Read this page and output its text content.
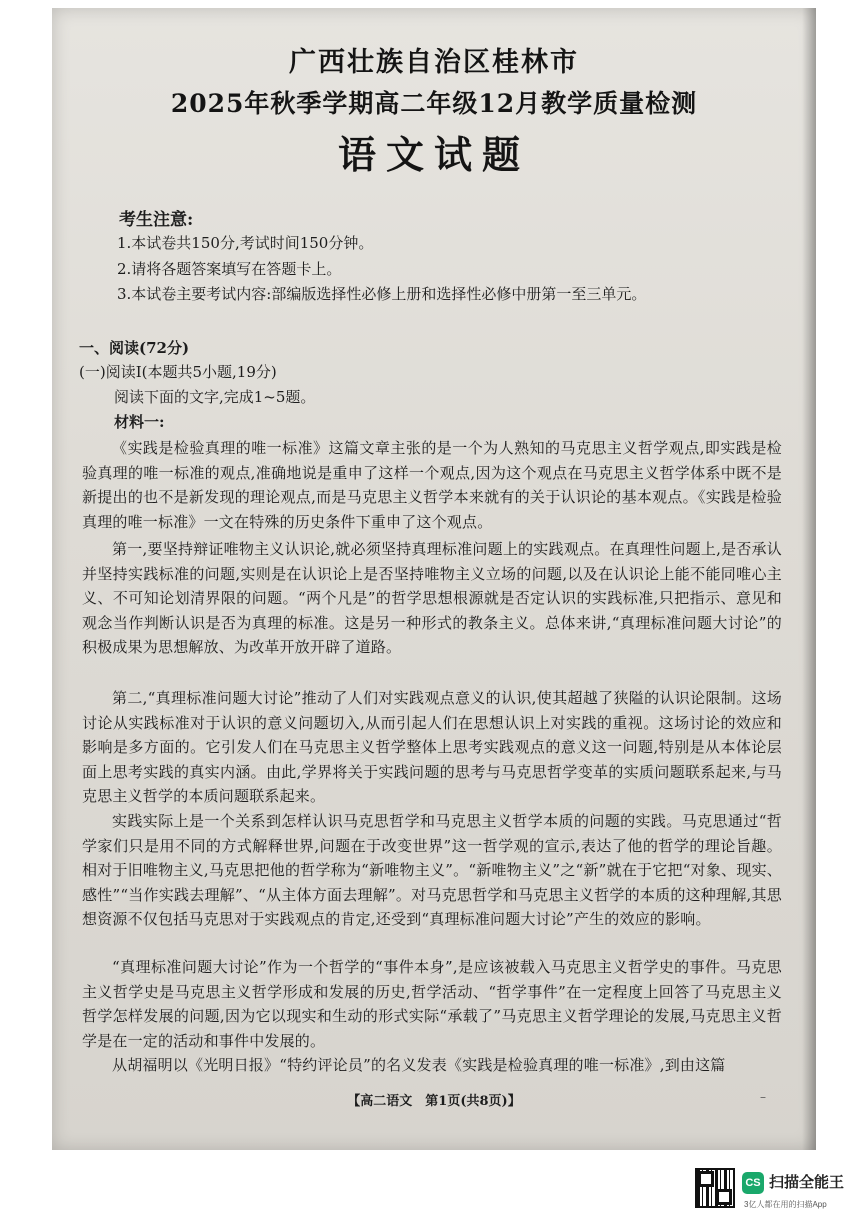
广西壮族自治区桂林市
2025年秋季学期高二年级12月教学质量检测
语文试题
考生注意:
1.本试卷共150分,考试时间150分钟。
2.请将各题答案填写在答题卡上。
3.本试卷主要考试内容:部编版选择性必修上册和选择性必修中册第一至三单元。
一、阅读(72分)
(一)阅读Ⅰ(本题共5小题,19分)
阅读下面的文字,完成1~5题。
材料一:

《实践是检验真理的唯一标准》这篇文章主张的是一个为人熟知的马克思主义哲学观点,即实践是检验真理的唯一标准的观点,准确地说是重申了这样一个观点,因为这个观点在马克思主义哲学体系中既不是新提出的也不是新发现的理论观点,而是马克思主义哲学本来就有的关于认识论的基本观点。《实践是检验真理的唯一标准》一文在特殊的历史条件下重申了这个观点。

第一,要坚持辩证唯物主义认识论,就必须坚持真理标准问题上的实践观点。在真理性问题上,是否承认并坚持实践标准的问题,实则是在认识论上是否坚持唯物主义立场的问题,以及在认识论上能不能同唯心主义、不可知论划清界限的问题。“两个凡是”的哲学思想根源就是否定认识的实践标准,只把指示、意见和观念当作判断认识是否为真理的标准。这是另一种形式的教条主义。总体来讲,“真理标准问题大讨论”的积极成果为思想解放、为改革开放开辟了道路。

第二,“真理标准问题大讨论”推动了人们对实践观点意义的认识,使其超越了狭隘的认识论限制。这场讨论从实践标准对于认识的意义问题切入,从而引起人们在思想认识上对实践的重视。这场讨论的效应和影响是多方面的。它引发人们在马克思主义哲学整体上思考实践观点的意义这一问题,特别是从本体论层面上思考实践的真实内涵。由此,学界将关于实践问题的思考与马克思哲学变革的实质问题联系起来,与马克思主义哲学的本质问题联系起来。

实践实际上是一个关系到怎样认识马克思哲学和马克思主义哲学本质的问题的实践。马克思通过“哲学家们只是用不同的方式解释世界,问题在于改变世界”这一哲学观的宣示,表达了他的哲学的理论旨趣。相对于旧唯物主义,马克思把他的哲学称为“新唯物主义”。“新唯物主义”之“新”就在于它把“对象、现实、感性”“当作实践去理解”、“从主体方面去理解”。对马克思哲学和马克思主义哲学的本质的这种理解,其思想资源不仅包括马克思对于实践观点的肯定,还受到“真理标准问题大讨论”产生的效应的影响。

“真理标准问题大讨论”作为一个哲学的“事件本身”,是应该被载入马克思主义哲学史的事件。马克思主义哲学史是马克思主义哲学形成和发展的历史,哲学活动、“哲学事件”在一定程度上回答了马克思主义哲学怎样发展的问题,因为它以现实和生动的形式实际“承载了”马克思主义哲学理论的发展,马克思主义哲学是在一定的活动和事件中发展的。

从胡福明以《光明日报》“特约评论员”的名义发表《实践是检验真理的唯一标准》,到由这篇

【高二语文　第1页(共8页)】	–
CS 扫描全能王
3亿人都在用的扫描App
